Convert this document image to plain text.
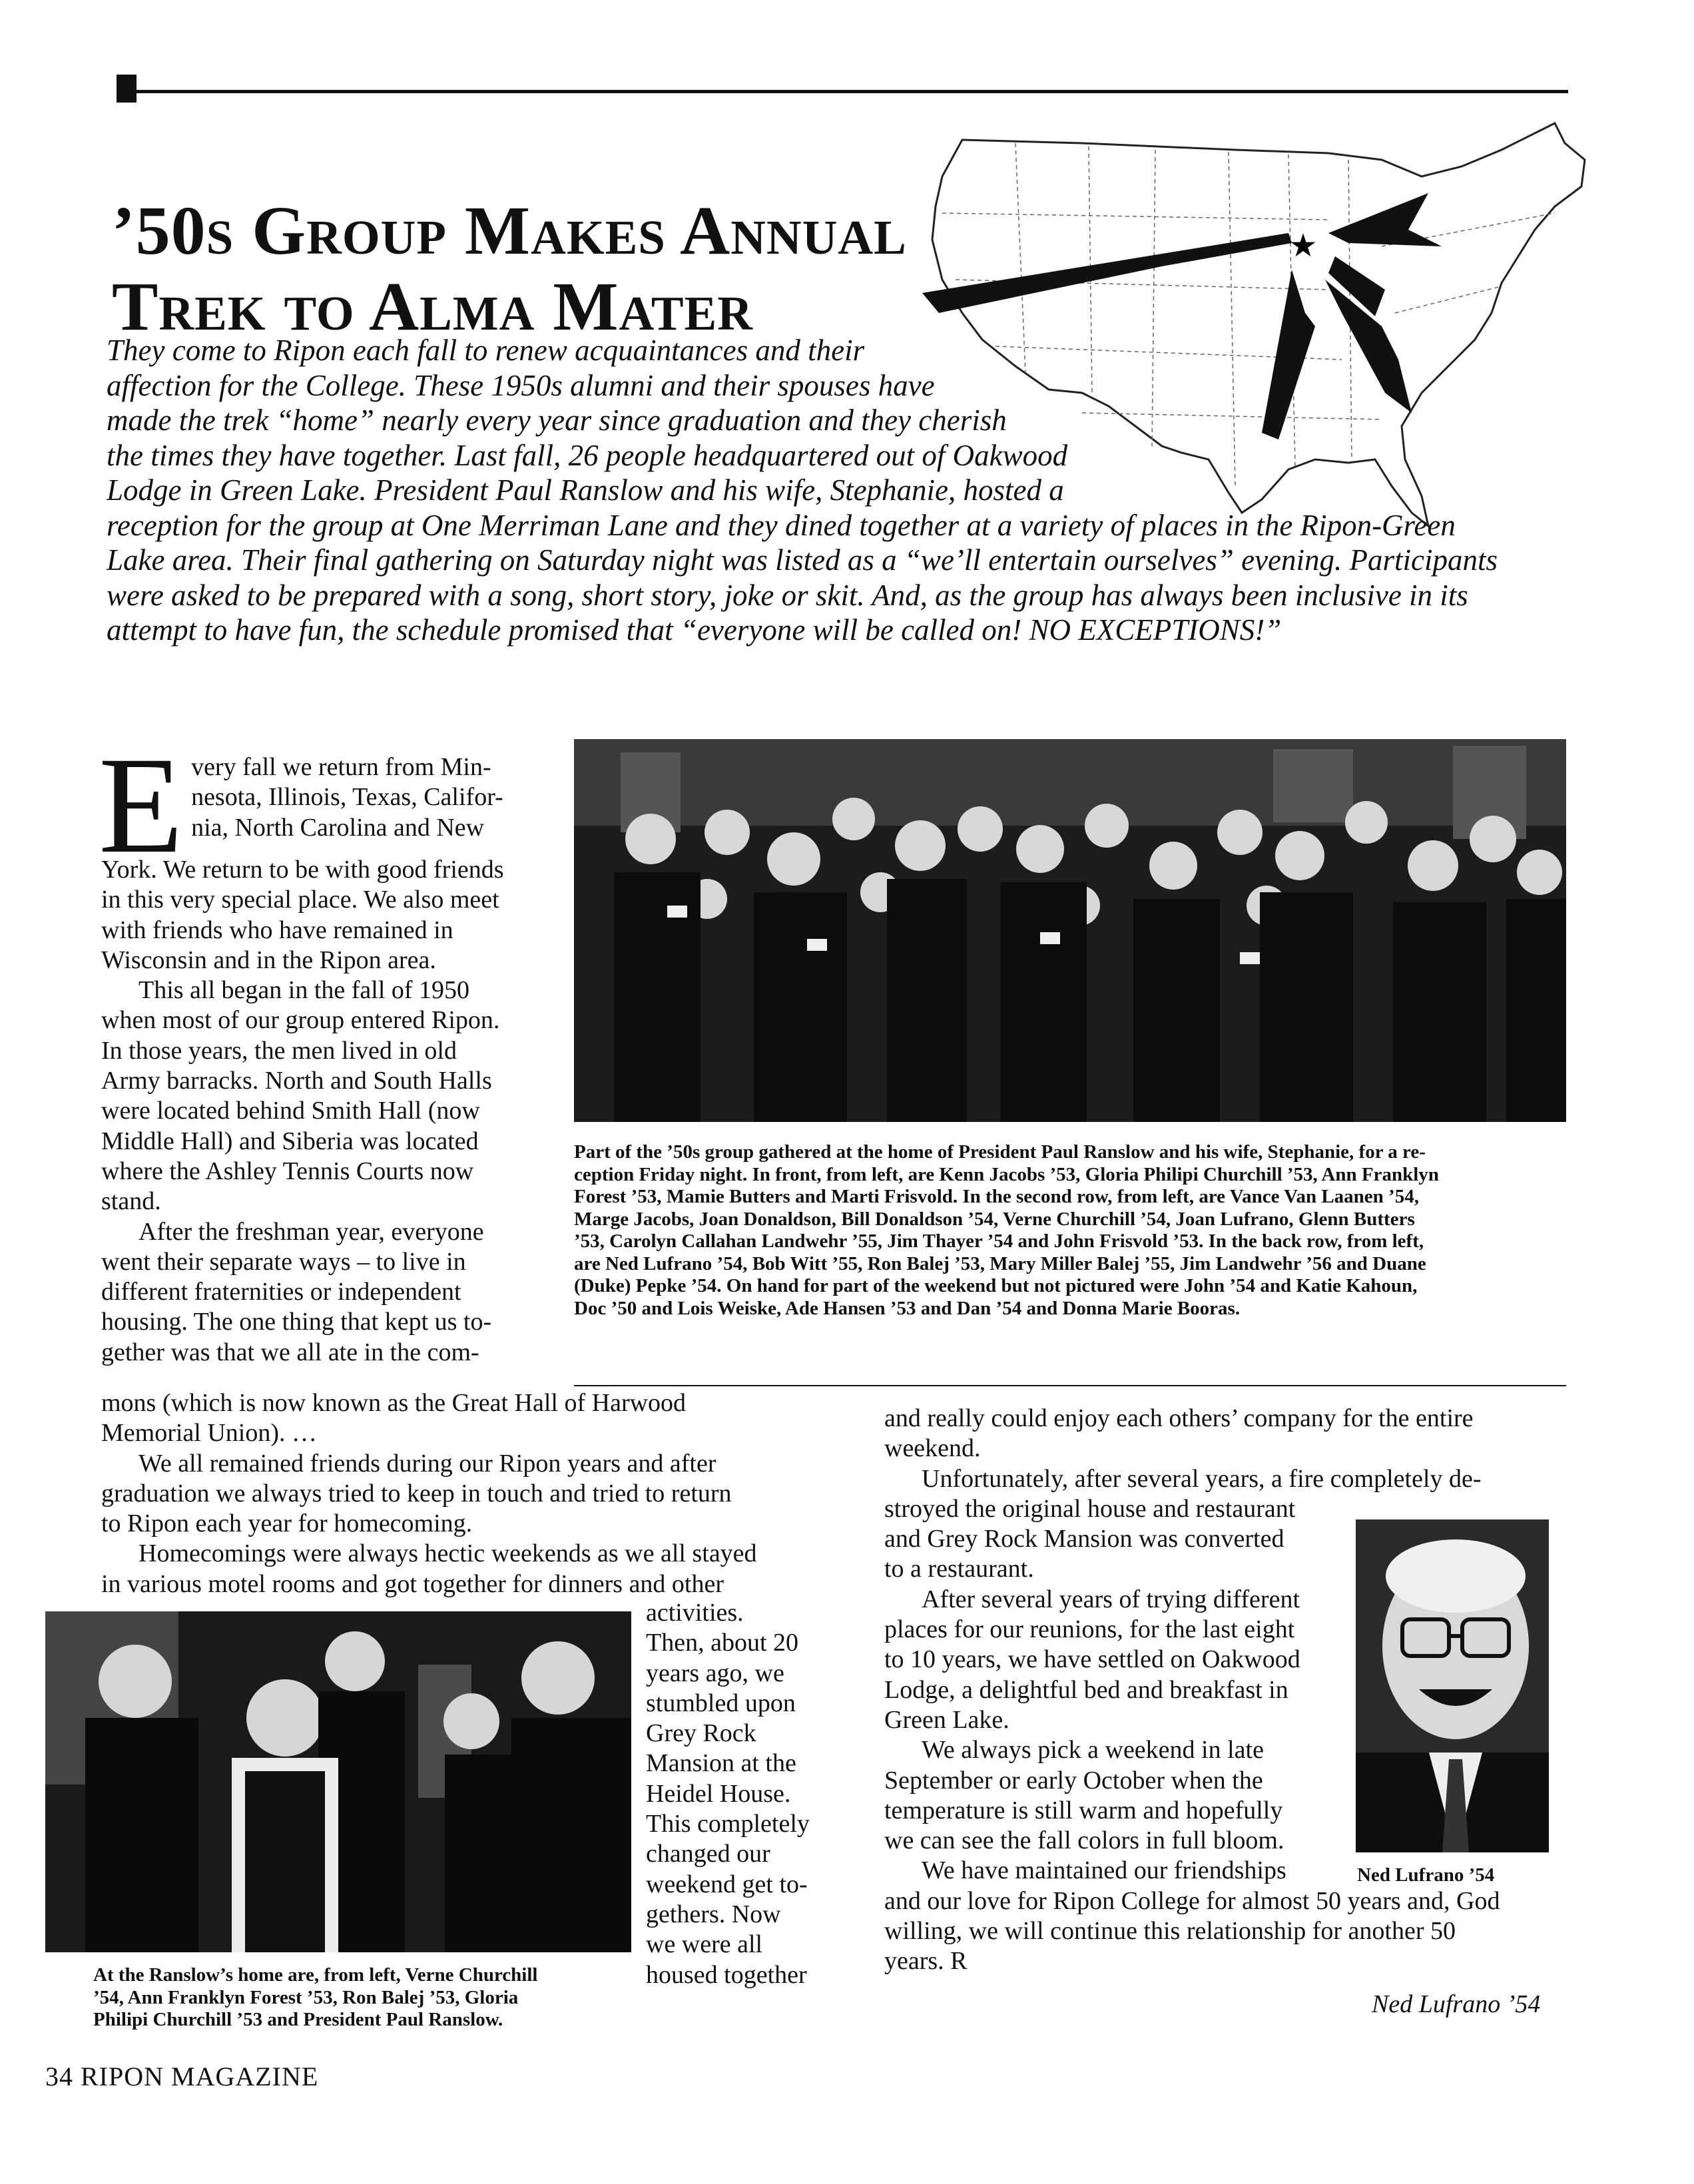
★
’50s Group Makes Annual
Trek to Alma Mater
They come to Ripon each fall to renew acquaintances and their
affection for the College. These 1950s alumni and their spouses have
made the trek “home” nearly every year since graduation and they cherish
the times they have together. Last fall, 26 people headquartered out of Oakwood
Lodge in Green Lake. President Paul Ranslow and his wife, Stephanie, hosted a
reception for the group at One Merriman Lane and they dined together at a variety of places in the Ripon-Green
Lake area. Their final gathering on Saturday night was listed as a “we’ll entertain ourselves” evening. Participants
were asked to be prepared with a song, short story, joke or skit. And, as the group has always been inclusive in its
attempt to have fun, the schedule promised that “everyone will be called on! NO EXCEPTIONS!”
E very fall we return from Min-
nesota, Illinois, Texas, Califor-
nia, North Carolina and New
York. We return to be with good friends
in this very special place. We also meet
with friends who have remained in
Wisconsin and in the Ripon area.
This all began in the fall of 1950
when most of our group entered Ripon.
In those years, the men lived in old
Army barracks. North and South Halls
were located behind Smith Hall (now
Middle Hall) and Siberia was located
where the Ashley Tennis Courts now
stand.
After the freshman year, everyone
went their separate ways – to live in
different fraternities or independent
housing. The one thing that kept us to-
gether was that we all ate in the com-
Part of the ’50s group gathered at the home of President Paul Ranslow and his wife, Stephanie, for a re-
ception Friday night. In front, from left, are Kenn Jacobs ’53, Gloria Philipi Churchill ’53, Ann Franklyn
Forest ’53, Mamie Butters and Marti Frisvold. In the second row, from left, are Vance Van Laanen ’54,
Marge Jacobs, Joan Donaldson, Bill Donaldson ’54, Verne Churchill ’54, Joan Lufrano, Glenn Butters
’53, Carolyn Callahan Landwehr ’55, Jim Thayer ’54 and John Frisvold ’53. In the back row, from left,
are Ned Lufrano ’54, Bob Witt ’55, Ron Balej ’53, Mary Miller Balej ’55, Jim Landwehr ’56 and Duane
(Duke) Pepke ’54. On hand for part of the weekend but not pictured were John ’54 and Katie Kahoun,
Doc ’50 and Lois Weiske, Ade Hansen ’53 and Dan ’54 and Donna Marie Booras.
mons (which is now known as the Great Hall of Harwood
Memorial Union). …
We all remained friends during our Ripon years and after
graduation we always tried to keep in touch and tried to return
to Ripon each year for homecoming.
Homecomings were always hectic weekends as we all stayed
in various motel rooms and got together for dinners and other
At the Ranslow’s home are, from left, Verne Churchill
’54, Ann Franklyn Forest ’53, Ron Balej ’53, Gloria
Philipi Churchill ’53 and President Paul Ranslow.
activities.
Then, about 20
years ago, we
stumbled upon
Grey Rock
Mansion at the
Heidel House.
This completely
changed our
weekend get to-
gethers. Now
we were all
housed together
and really could enjoy each others’ company for the entire
weekend.
Unfortunately, after several years, a fire completely de-
stroyed the original house and restaurant
and Grey Rock Mansion was converted
to a restaurant.
After several years of trying different
places for our reunions, for the last eight
to 10 years, we have settled on Oakwood
Lodge, a delightful bed and breakfast in
Green Lake.
We always pick a weekend in late
September or early October when the
temperature is still warm and hopefully
we can see the fall colors in full bloom.
We have maintained our friendships
and our love for Ripon College for almost 50 years and, God
willing, we will continue this relationship for another 50
years. R
Ned Lufrano ’54
Ned Lufrano ’54
34 RIPON MAGAZINE
